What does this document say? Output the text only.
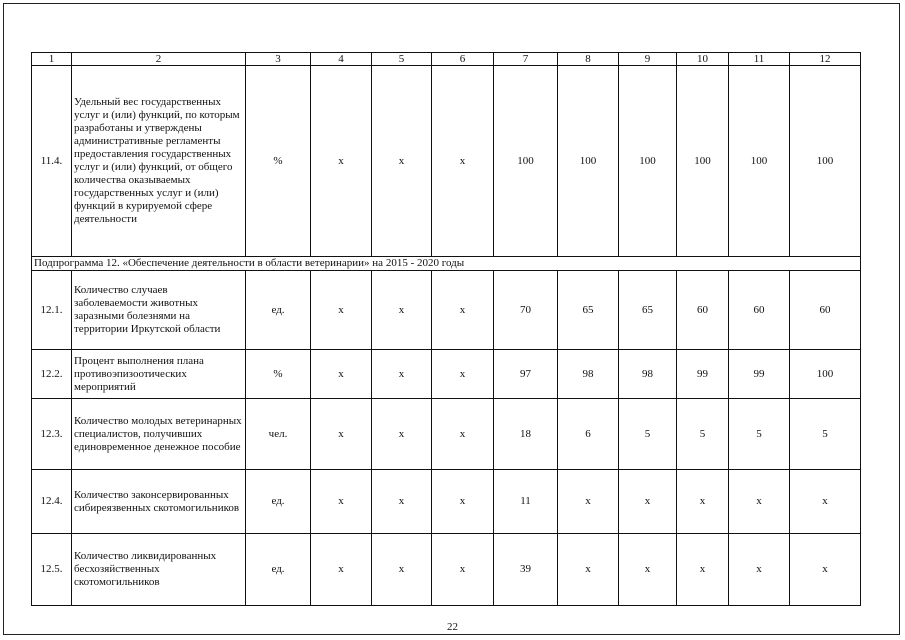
1	2	3	4	5	6	7	8	9	10	11	12
11.4.	Удельный вес государственных услуг и (или) функций, по которым разработаны и утверждены административные регламенты предоставления государственных услуг и (или) функций, от общего количества оказываемых государственных услуг и (или) функций в курируемой сфере деятельности	%	x	x	x	100	100	100	100	100	100
Подпрограмма 12. «Обеспечение деятельности в области ветеринарии» на 2015 - 2020 годы											
12.1.	Количество случаев заболеваемости животных заразными болезнями на территории Иркутской области	ед.	x	x	x	70	65	65	60	60	60
12.2.	Процент выполнения плана противоэпизоотических мероприятий	%	x	x	x	97	98	98	99	99	100
12.3.	Количество молодых ветеринарных специалистов, получивших единовременное денежное пособие	чел.	x	x	x	18	6	5	5	5	5
12.4.	Количество законсервированных сибиреязвенных скотомогильников	ед.	x	x	x	11	x	x	x	x	x
12.5.	Количество ликвидированных бесхозяйственных скотомогильников	ед.	x	x	x	39	x	x	x	x	x
22
